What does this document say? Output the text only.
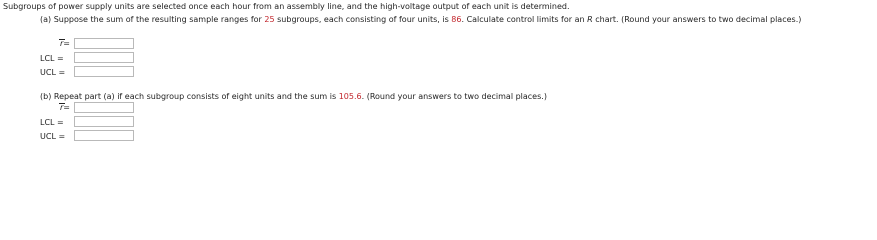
Subgroups of power supply units are selected once each hour from an assembly line, and the high-voltage output of each unit is determined.
(a) Suppose the sum of the resulting sample ranges for 25 subgroups, each consisting of four units, is 86. Calculate control limits for an R chart. (Round your answers to two decimal places.)
r=
LCL =
UCL =
(b) Repeat part (a) if each subgroup consists of eight units and the sum is 105.6. (Round your answers to two decimal places.)
r=
LCL =
UCL =
